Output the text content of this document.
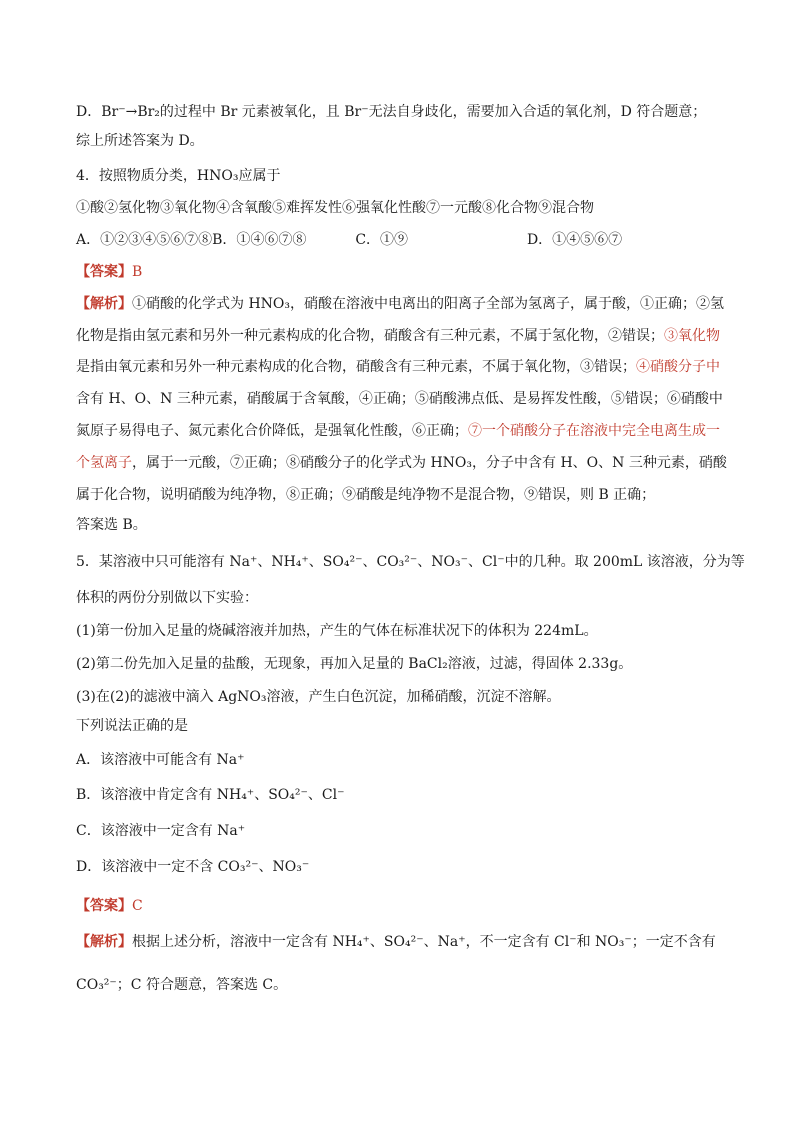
D．Br⁻→Br₂的过程中 Br 元素被氧化，且 Br⁻无法自身歧化，需要加入合适的氧化剂，D 符合题意；
综上所述答案为 D。
4．按照物质分类，HNO₃应属于
①酸②氢化物③氧化物④含氧酸⑤难挥发性⑥强氧化性酸⑦一元酸⑧化合物⑨混合物
A．①②③④⑤⑥⑦⑧B．①④⑥⑦⑧	C．①⑨	D．①④⑤⑥⑦
【答案】B
【解析】①硝酸的化学式为 HNO₃，硝酸在溶液中电离出的阳离子全部为氢离子，属于酸，①正确；②氢
化物是指由氢元素和另外一种元素构成的化合物，硝酸含有三种元素，不属于氢化物，②错误；③氧化物
是指由氧元素和另外一种元素构成的化合物，硝酸含有三种元素，不属于氧化物，③错误；④硝酸分子中
含有 H、O、N 三种元素，硝酸属于含氧酸，④正确；⑤硝酸沸点低、是易挥发性酸，⑤错误；⑥硝酸中
氮原子易得电子、氮元素化合价降低，是强氧化性酸，⑥正确；⑦一个硝酸分子在溶液中完全电离生成一
个氢离子，属于一元酸，⑦正确；⑧硝酸分子的化学式为 HNO₃，分子中含有 H、O、N 三种元素，硝酸
属于化合物，说明硝酸为纯净物，⑧正确；⑨硝酸是纯净物不是混合物，⑨错误，则 B 正确；
答案选 B。
5．某溶液中只可能溶有 Na⁺、NH₄⁺、SO₄²⁻、CO₃²⁻、NO₃⁻、Cl⁻中的几种。取 200mL 该溶液，分为等
体积的两份分别做以下实验：
(1)第一份加入足量的烧碱溶液并加热，产生的气体在标准状况下的体积为 224mL。
(2)第二份先加入足量的盐酸，无现象，再加入足量的 BaCl₂溶液，过滤，得固体 2.33g。
(3)在(2)的滤液中滴入 AgNO₃溶液，产生白色沉淀，加稀硝酸，沉淀不溶解。
下列说法正确的是
A．该溶液中可能含有 Na⁺
B．该溶液中肯定含有 NH₄⁺、SO₄²⁻、Cl⁻
C．该溶液中一定含有 Na⁺
D．该溶液中一定不含 CO₃²⁻、NO₃⁻
【答案】C
【解析】根据上述分析，溶液中一定含有 NH₄⁺、SO₄²⁻、Na⁺，不一定含有 Cl⁻和 NO₃⁻；一定不含有
CO₃²⁻；C 符合题意，答案选 C。
